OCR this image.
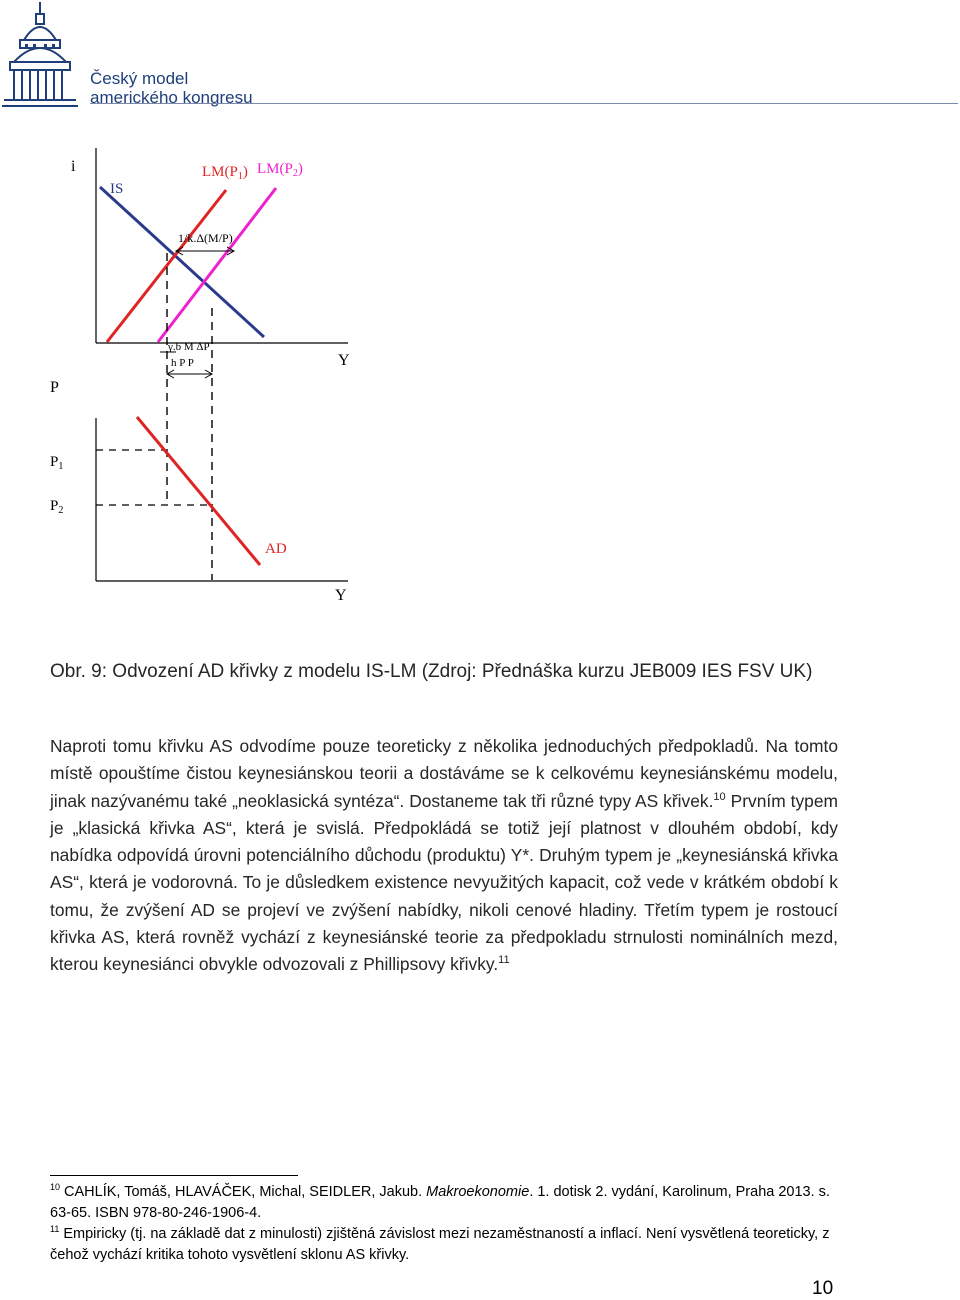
Český model
amerického kongresu
i
IS
$LM(P_1)$ $LM(P_2)$
1/k.Δ(M/P)
γ.b M ΔP
h P P	Y
P
$P_1$
$P_2$
AD
Y
Obr. 9: Odvození AD křivky z modelu IS-LM (Zdroj: Přednáška kurzu JEB009 IES FSV UK)
Naproti tomu křivku AS odvodíme pouze teoreticky z několika jednoduchých předpokladů. Na tomto místě opouštíme čistou keynesiánskou teorii a dostáváme se k celkovému keynesiánskému modelu, jinak nazývanému také „neoklasická syntéza“. Dostaneme tak tři různé typy AS křivek.$^{10}$ Prvním typem je „klasická křivka AS“, která je svislá. Předpokládá se totiž její platnost v dlouhém období, kdy nabídka odpovídá úrovni potenciálního důchodu (produktu) Y*. Druhým typem je „keynesiánská křivka AS“, která je vodorovná. To je důsledkem existence nevyužitých kapacit, což vede v krátkém období k tomu, že zvýšení AD se projeví ve zvýšení nabídky, nikoli cenové hladiny. Třetím typem je rostoucí křivka AS, která rovněž vychází z keynesiánské teorie za předpokladu strnulosti nominálních mezd, kterou keynesiánci obvykle odvozovali z Phillipsovy křivky.$^{11}$

$^{10}$ CAHLÍK, Tomáš, HLAVÁČEK, Michal, SEIDLER, Jakub. Makroekonomie. 1. dotisk 2. vydání, Karolinum, Praha 2013. s. 63-65. ISBN 978-80-246-1906-4.

$^{11}$ Empiricky (tj. na základě dat z minulosti) zjištěná závislost mezi nezaměstnaností a inflací. Není vysvětlená teoreticky, z čehož vychází kritika tohoto vysvětlení sklonu AS křivky.

10
